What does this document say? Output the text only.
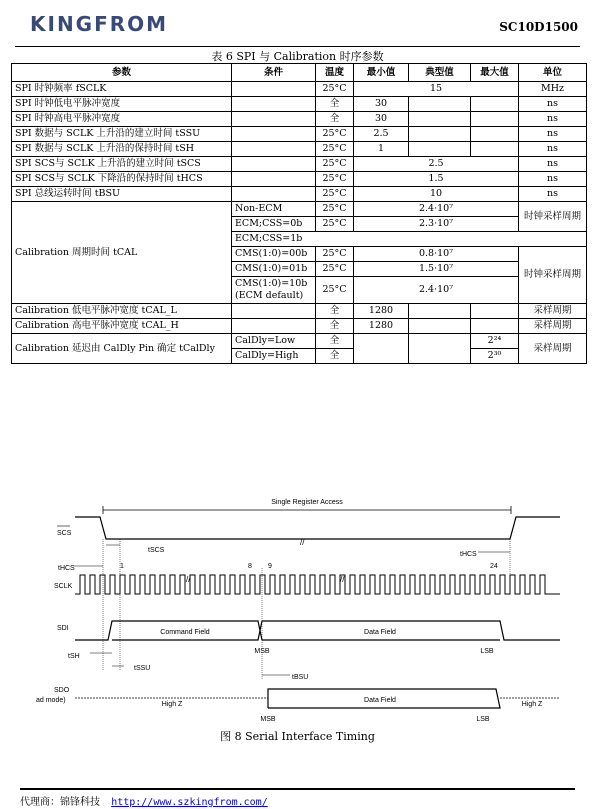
KINGFROM	SC10D1500
表 6 SPI 与 Calibration 时序参数
参数	条件	温度	最小值	典型值	最大值	单位
SPI 时钟频率 fSCLK		25°C	15			MHz
SPI 时钟低电平脉冲宽度		全	30			ns
SPI 时钟高电平脉冲宽度		全	30			ns
SPI 数据与 SCLK 上升沿的建立时间 tSSU		25°C	2.5			ns
SPI 数据与 SCLK 上升沿的保持时间 tSH		25°C	1			ns
SPI SCS与 SCLK 上升沿的建立时间 tSCS		25°C	2.5			ns
SPI SCS与 SCLK 下降沿的保持时间 tHCS		25°C	1.5			ns
SPI 总线运转时间 tBSU		25°C	10			ns
Calibration 周期时间 tCAL	Non-ECM	25°C	2.4·10⁷			时钟采样周期
	ECM;CSS=0b	25°C	2.3·10⁷			
	ECM;CSS=1b					
	CMS(1:0)=00b	25°C	0.8·10⁷			时钟采样周期
	CMS(1:0)=01b	25°C	1.5·10⁷			
	CMS(1:0)=10b (ECM default)	25°C	2.4·10⁷			
Calibration 低电平脉冲宽度 tCAL_L		全	1280			采样周期
Calibration 高电平脉冲宽度 tCAL_H		全	1280			采样周期
Calibration 延迟由 CalDly Pin 确定 tCalDly	CalDly=Low	全			2²⁴	采样周期
	CalDly=High	全			2³⁰	
Single Register Access
SCS
//
tSCS
tHCS
tHCS
1	8 9	24
SCLK
//	//
SDI
Command Field	Data Field
MSB	LSB
tSH
tSSU
tBSU
SDO
ad mode)
High Z
Data Field
High Z
MSB	LSB
图 8 Serial Interface Timing
代理商：锦锋科技 http://www.szkingfrom.com/
